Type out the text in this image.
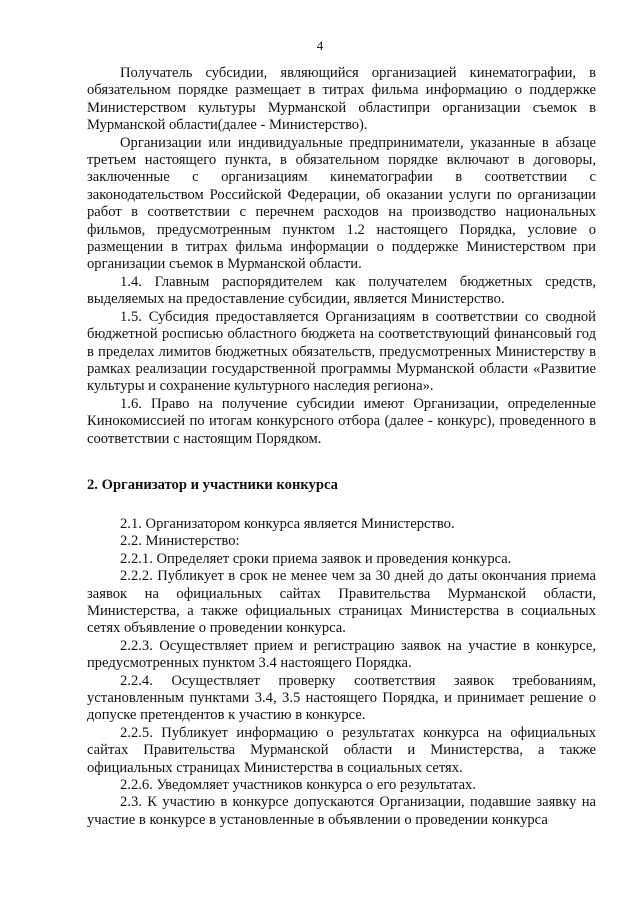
4

Получатель субсидии, являющийся организацией кинематографии, в обязательном порядке размещает в титрах фильма информацию о поддержке Министерством культуры Мурманской областипри организации съемок в Мурманской области(далее - Министерство).

Организации или индивидуальные предприниматели, указанные в абзаце третьем настоящего пункта, в обязательном порядке включают в договоры, заключенные с организациям кинематографии в соответствии с законодательством Российской Федерации, об оказании услуги по организации работ в соответствии с перечнем расходов на производство национальных фильмов, предусмотренным пунктом 1.2 настоящего Порядка, условие о размещении в титрах фильма информации о поддержке Министерством при организации съемок в Мурманской области.

1.4. Главным распорядителем как получателем бюджетных средств, выделяемых на предоставление субсидии, является Министерство.

1.5. Субсидия предоставляется Организациям в соответствии со сводной бюджетной росписью областного бюджета на соответствующий финансовый год в пределах лимитов бюджетных обязательств, предусмотренных Министерству в рамках реализации государственной программы Мурманской области «Развитие культуры и сохранение культурного наследия региона».

1.6. Право на получение субсидии имеют Организации, определенные Кинокомиссией по итогам конкурсного отбора (далее - конкурс), проведенного в соответствии с настоящим Порядком.

2. Организатор и участники конкурса

2.1. Организатором конкурса является Министерство.

2.2. Министерство:

2.2.1. Определяет сроки приема заявок и проведения конкурса.

2.2.2. Публикует в срок не менее чем за 30 дней до даты окончания приема заявок на официальных сайтах Правительства Мурманской области, Министерства, а также официальных страницах Министерства в социальных сетях объявление о проведении конкурса.

2.2.3. Осуществляет прием и регистрацию заявок на участие в конкурсе, предусмотренных пунктом 3.4 настоящего Порядка.

2.2.4. Осуществляет проверку соответствия заявок требованиям, установленным пунктами 3.4, 3.5 настоящего Порядка, и принимает решение о допуске претендентов к участию в конкурсе.

2.2.5. Публикует информацию о результатах конкурса на официальных сайтах Правительства Мурманской области и Министерства, а также официальных страницах Министерства в социальных сетях.

2.2.6. Уведомляет участников конкурса о его результатах.

2.3. К участию в конкурсе допускаются Организации, подавшие заявку на участие в конкурсе в установленные в объявлении о проведении конкурса
